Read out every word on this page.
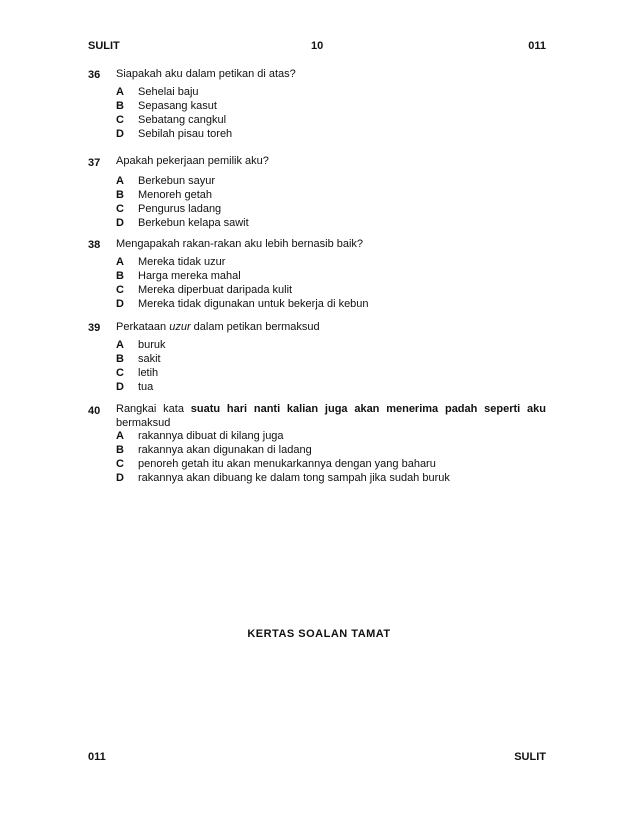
SULIT	10	011
36 Siapakah aku dalam petikan di atas?
A	Sehelai baju
B	Sepasang kasut
C	Sebatang cangkul
D	Sebilah pisau toreh
37 Apakah pekerjaan pemilik aku?
A	Berkebun sayur
B	Menoreh getah
C	Pengurus ladang
D	Berkebun kelapa sawit
38 Mengapakah rakan-rakan aku lebih bernasib baik?
A	Mereka tidak uzur
B	Harga mereka mahal
C	Mereka diperbuat daripada kulit
D	Mereka tidak digunakan untuk bekerja di kebun
39 Perkataan uzur dalam petikan bermaksud
A	buruk
B	sakit
C	letih
D	tua
40 Rangkai kata suatu hari nanti kalian juga akan menerima padah seperti aku bermaksud
A	rakannya dibuat di kilang juga
B	rakannya akan digunakan di ladang
C	penoreh getah itu akan menukarkannya dengan yang baharu
D	rakannya akan dibuang ke dalam tong sampah jika sudah buruk
KERTAS SOALAN TAMAT
011	SULIT
